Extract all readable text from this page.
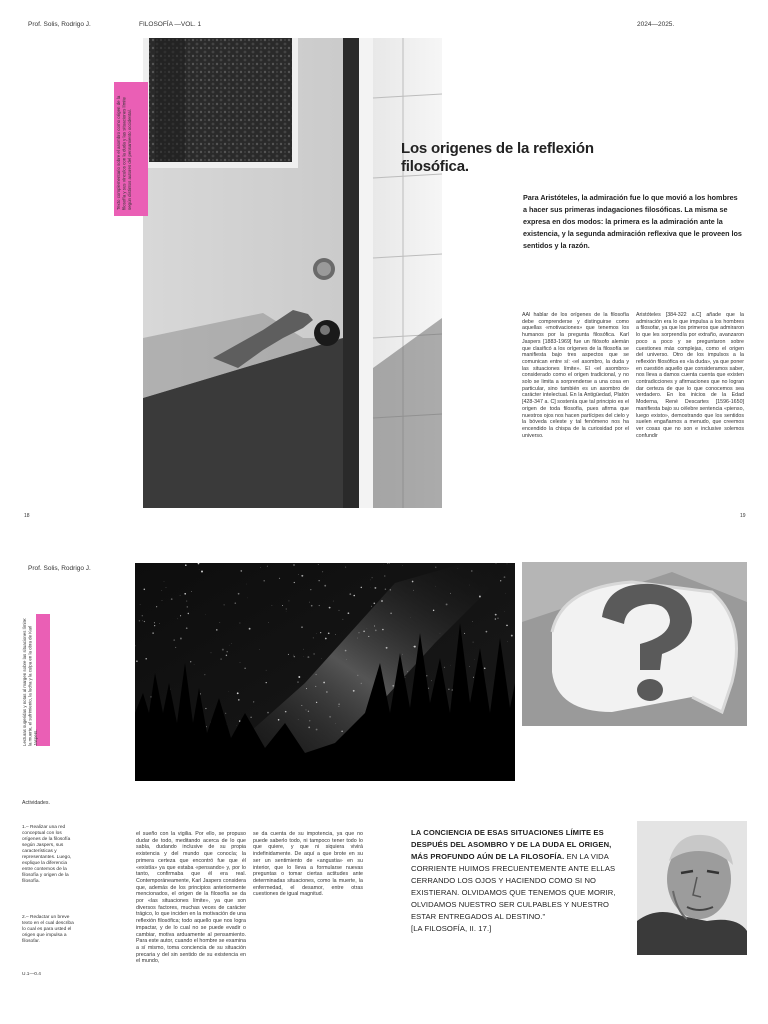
Prof. Solis, Rodrigo J.	FILOSOFÍA —VOL. 1	2024—2025.
Texto complementario sobre el asombro como origen de la filosofía y sus vínculos con la duda y las situaciones límite según distintos autores del pensamiento occidental.	Los origenes de la reflexión filosófica.
Para Aristóteles, la admiración fue lo que movió a los hombres a hacer sus primeras indagaciones filosóficas. La misma se expresa en dos modos: la primera es la admiración ante la existencia, y la segunda admiración reflexiva que le proveen los sentidos y la razón.
AAl hablar de los orígenes de la filosofía debe comprenderse y distinguirse como aquellas «motivaciones» que tenemos los humanos por la pregunta filosófica. Karl Jaspers [1883-1969] fue un filósofo alemán que clasificó a los orígenes de la filosofía se manifiesta bajo tres aspectos que se comunican entre sí: «el asombro, la duda y las situaciones límite». El «el asombro» considerado como el origen tradicional, y no solo se limita a sorprenderse a una cosa en particular, sino también es un asombro de carácter intelectual. En la Antigüedad, Platón [428-347 a. C] sostenía que tal principio es el origen de toda filosofía, pues afirma que nuestros ojos nos hacen partícipes del cielo y la bóveda celeste y tal fenómeno nos ha encendido la chispa de la curiosidad por el universo.
Aristóteles [384-322 a.C] añade que la admiración era lo que impulsa a los hombres a filosofar, ya que los primeros que admiraron lo que les sorprendía por extraño, avanzaron poco a poco y se preguntaron sobre cuestiones más complejas, como el origen del universo. Otro de los impulsos a la reflexión filosófica es «la duda», ya que poner en cuestión aquello que consideramos saber, nos lleva a damos cuenta cuenta que existen contradicciones y afirmaciones que no logran dar certeza de que lo que conocemos sea verdadero. En los inicios de la Edad Moderna, René Descartes [1596-1650] manifiesta bajo su célebre sentencia «pienso, luego existo», demostrando que los sentidos suelen engañarnos a menudo, que creemos ver cosas que no son e inclusive solemos confundir
18	19
Prof. Solis, Rodrigo J.
Lecturas sugeridas y notas al margen sobre las situaciones límite: la muerte, el sufrimiento, la lucha y la culpa en la obra de Karl Jaspers.
Actividades.
1.– Realizar una red conceptual con los orígenes de la filosofía según Jaspers, sus características y representantes. Luego, explique la diferencia entre contemos de la filosofía y origen de la filosofía.
2.– Redactar un breve texto en el cual describa lo cual es para usted el origen que impulsa a filosofar.
U.1—0.4
el sueño con la vigilia. Por ello, se propuso dudar de todo, meditando acerca de lo que sabía, dudando inclusive de su propia existencia y del mundo que conocía; la primera certeza que encontró fue que él «existía» ya que estaba «pensando» y, por lo tanto, confirmaba que él era real. Contemporáneamente, Karl Jaspers considera que, además de los principios anteriormente mencionados, el origen de la filosofía se da por «las situaciones límite», ya que son diversos factores, muchas veces de carácter trágico, lo que inciden en la motivación de una reflexión filosófica; todo aquello que nos logra impactar, y de lo cual no se puede evadir o cambiar, motiva arduamente al pensamiento. Para este autor, cuando el hombre se examina a sí mismo, toma conciencia de su situación precaria y del sin sentido de su existencia en el mundo,
se da cuenta de su impotencia, ya que no puede saberlo todo, ni tampoco tener todo lo que quiere, y que ni siquiera vivirá indefinidamente. De aquí a que brote en su ser un sentimiento de «angustia» en su interior, que lo lleva a formularse nuevas preguntas o tomar ciertas actitudes ante determinadas situaciones, como la muerte, la enfermedad, el desamor, entre otras cuestiones de igual magnitud.
LA CONCIENCIA DE ESAS SITUACIONES LÍMITE ES DESPUÉS DEL ASOMBRO Y DE LA DUDA EL ORIGEN, MÁS PROFUNDO AÚN DE LA FILOSOFÍA. EN LA VIDA CORRIENTE HUIMOS FRECUENTEMENTE ANTE ELLAS CERRANDO LOS OJOS Y HACIENDO COMO SI NO EXISTIERAN. OLVIDAMOS QUE TENEMOS QUE MORIR, OLVIDAMOS NUESTRO SER CULPABLES Y NUESTRO ESTAR ENTREGADOS AL DESTINO.”
[LA FILOSOFÍA, II. 17.]
